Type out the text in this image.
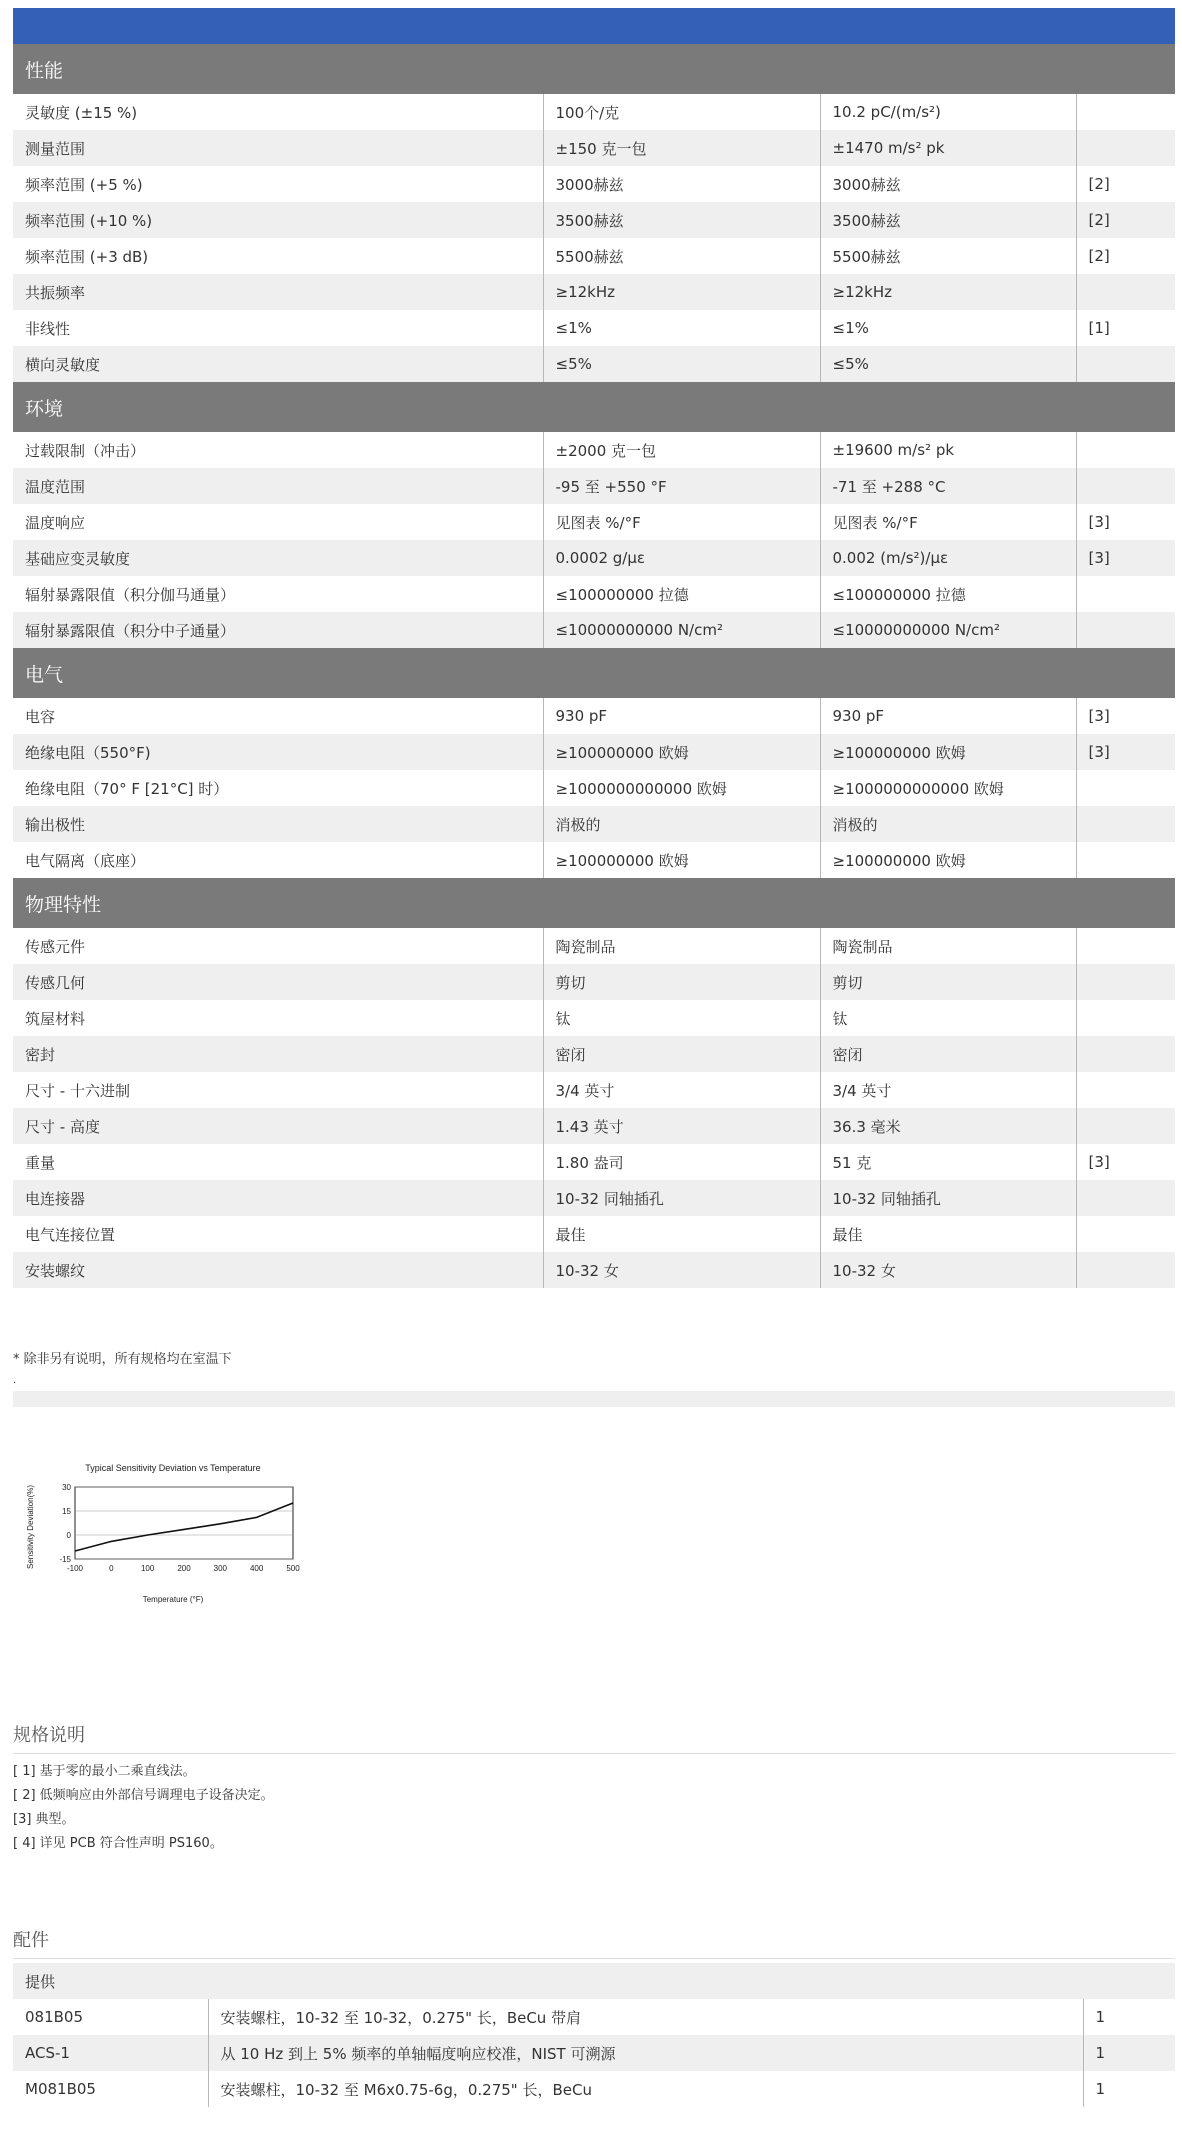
性能			
灵敏度 (±15 %)	100个/克	10.2 pC/(m/s²)	
测量范围	±150 克一包	±1470 m/s² pk	
频率范围 (+5 %)	3000赫兹	3000赫兹	[2]
频率范围 (+10 %)	3500赫兹	3500赫兹	[2]
频率范围 (+3 dB)	5500赫兹	5500赫兹	[2]
共振频率	≥12kHz	≥12kHz	
非线性	≤1%	≤1%	[1]
横向灵敏度	≤5%	≤5%	
环境			
过载限制（冲击）	±2000 克一包	±19600 m/s² pk	
温度范围	-95 至 +550 °F	-71 至 +288 °C	
温度响应	见图表 %/°F	见图表 %/°F	[3]
基础应变灵敏度	0.0002 g/με	0.002 (m/s²)/με	[3]
辐射暴露限值（积分伽马通量）	≤100000000 拉德	≤100000000 拉德	
辐射暴露限值（积分中子通量）	≤10000000000 N/cm²	≤10000000000 N/cm²	
电气			
电容	930 pF	930 pF	[3]
绝缘电阻（550°F)	≥100000000 欧姆	≥100000000 欧姆	[3]
绝缘电阻（70° F [21°C] 时）	≥1000000000000 欧姆	≥1000000000000 欧姆	
输出极性	消极的	消极的	
电气隔离（底座）	≥100000000 欧姆	≥100000000 欧姆	
物理特性			
传感元件	陶瓷制品	陶瓷制品	
传感几何	剪切	剪切	
筑屋材料	钛	钛	
密封	密闭	密闭	
尺寸 - 十六进制	3/4 英寸	3/4 英寸	
尺寸 - 高度	1.43 英寸	36.3 毫米	
重量	1.80 盎司	51 克	[3]
电连接器	10-32 同轴插孔	10-32 同轴插孔	
电气连接位置	最佳	最佳	
安装螺纹	10-32 女	10-32 女	
* 除非另有说明，所有规格均在室温下
.
Typical Sensitivity Deviation vs Temperature
Sensitivity Deviation(%)
Temperature (°F)
30
15
0
-15
-100	0	100	200	300	400	500
规格说明
[ 1] 基于零的最小二乘直线法。
[ 2] 低频响应由外部信号调理电子设备决定。
[3] 典型。
[ 4] 详见 PCB 符合性声明 PS160。
配件
提供		
081B05	安装螺柱，10-32 至 10-32，0.275" 长，BeCu 带肩	1
ACS-1	从 10 Hz 到上 5% 频率的单轴幅度响应校准，NIST 可溯源	1
M081B05	安装螺柱，10-32 至 M6x0.75-6g，0.275" 长，BeCu	1
